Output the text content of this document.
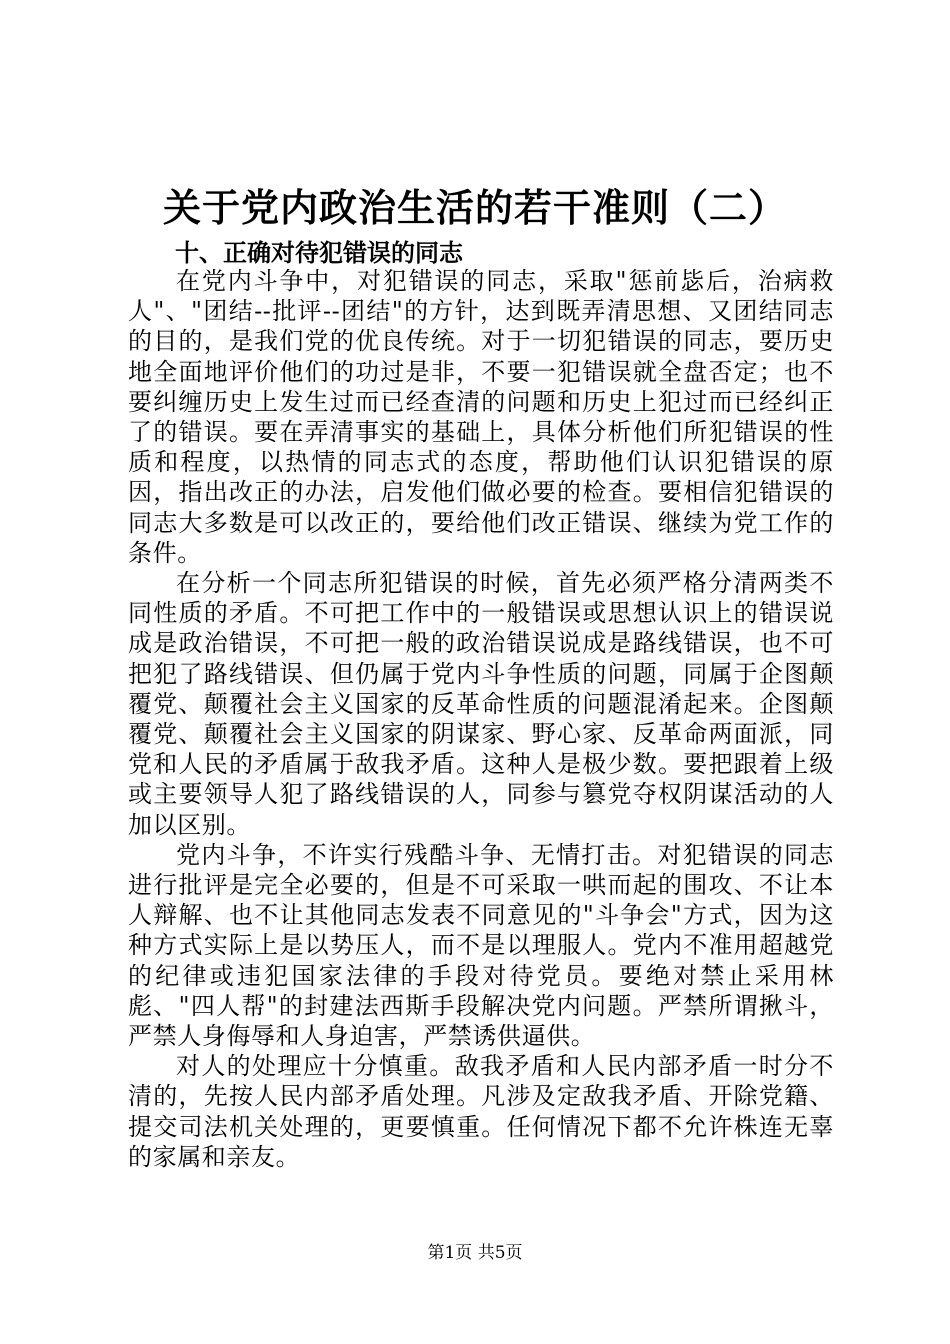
关于党内政治生活的若干准则（二）
十、正确对待犯错误的同志

在党内斗争中，对犯错误的同志，采取"惩前毖后，治病救人"、"团结--批评--团结"的方针，达到既弄清思想、又团结同志的目的，是我们党的优良传统。对于一切犯错误的同志，要历史地全面地评价他们的功过是非，不要一犯错误就全盘否定；也不要纠缠历史上发生过而已经查清的问题和历史上犯过而已经纠正了的错误。要在弄清事实的基础上，具体分析他们所犯错误的性质和程度，以热情的同志式的态度，帮助他们认识犯错误的原因，指出改正的办法，启发他们做必要的检查。要相信犯错误的同志大多数是可以改正的，要给他们改正错误、继续为党工作的条件。

在分析一个同志所犯错误的时候，首先必须严格分清两类不同性质的矛盾。不可把工作中的一般错误或思想认识上的错误说成是政治错误，不可把一般的政治错误说成是路线错误，也不可把犯了路线错误、但仍属于党内斗争性质的问题，同属于企图颠覆党、颠覆社会主义国家的反革命性质的问题混淆起来。企图颠覆党、颠覆社会主义国家的阴谋家、野心家、反革命两面派，同党和人民的矛盾属于敌我矛盾。这种人是极少数。要把跟着上级或主要领导人犯了路线错误的人，同参与篡党夺权阴谋活动的人加以区别。

党内斗争，不许实行残酷斗争、无情打击。对犯错误的同志进行批评是完全必要的，但是不可采取一哄而起的围攻、不让本人辩解、也不让其他同志发表不同意见的"斗争会"方式，因为这种方式实际上是以势压人，而不是以理服人。党内不准用超越党的纪律或违犯国家法律的手段对待党员。要绝对禁止采用林彪、"四人帮"的封建法西斯手段解决党内问题。严禁所谓揪斗，严禁人身侮辱和人身迫害，严禁诱供逼供。

对人的处理应十分慎重。敌我矛盾和人民内部矛盾一时分不清的，先按人民内部矛盾处理。凡涉及定敌我矛盾、开除党籍、提交司法机关处理的，更要慎重。任何情况下都不允许株连无辜的家属和亲友。

第1页 共5页
